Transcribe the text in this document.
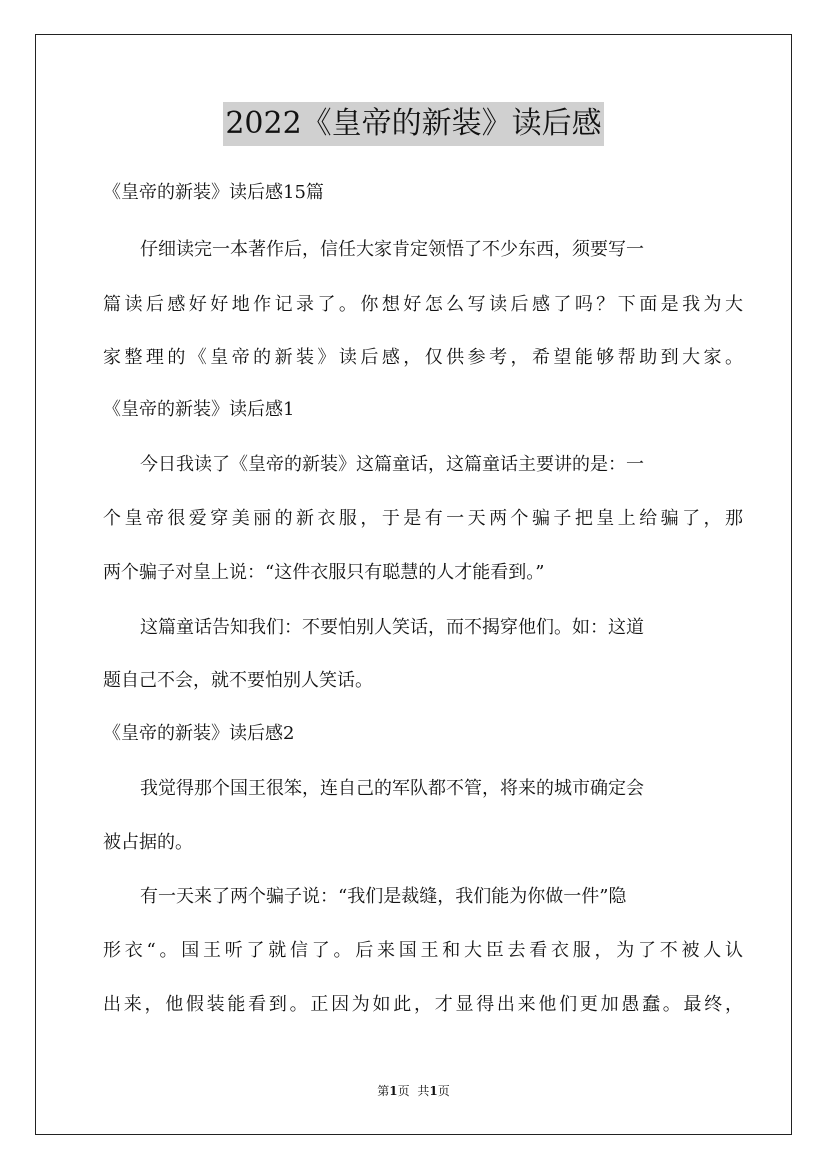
2022《皇帝的新装》读后感
《皇帝的新装》读后感15篇
仔细读完一本著作后，信任大家肯定领悟了不少东西，须要写一
篇读后感好好地作记录了。你想好怎么写读后感了吗？下面是我为大
家整理的《皇帝的新装》读后感，仅供参考，希望能够帮助到大家。
《皇帝的新装》读后感1
今日我读了《皇帝的新装》这篇童话，这篇童话主要讲的是：一
个皇帝很爱穿美丽的新衣服，于是有一天两个骗子把皇上给骗了，那
两个骗子对皇上说：“这件衣服只有聪慧的人才能看到。”
这篇童话告知我们：不要怕别人笑话，而不揭穿他们。如：这道
题自己不会，就不要怕别人笑话。
《皇帝的新装》读后感2
我觉得那个国王很笨，连自己的军队都不管，将来的城市确定会
被占据的。
有一天来了两个骗子说：“我们是裁缝，我们能为你做一件”隐
形衣“。国王听了就信了。后来国王和大臣去看衣服，为了不被人认
出来，他假装能看到。正因为如此，才显得出来他们更加愚蠢。最终，
第1页 共1页
